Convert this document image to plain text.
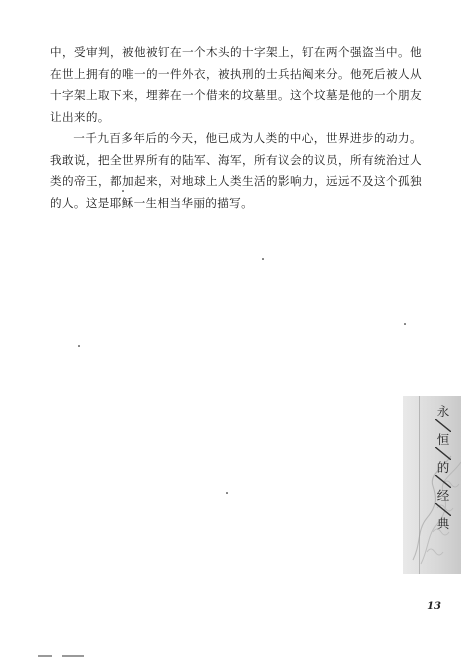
中，受审判，被他被钉在一个木头的十字架上，钉在两个强盗当中。他在世上拥有的唯一的一件外衣，被执刑的士兵拈阄来分。他死后被人从十字架上取下来，埋葬在一个借来的坟墓里。这个坟墓是他的一个朋友让出来的。

一千九百多年后的今天，他已成为人类的中心，世界进步的动力。我敢说，把全世界所有的陆军、海军，所有议会的议员，所有统治过人类的帝王，都加起来，对地球上人类生活的影响力，远远不及这个孤独的人。这是耶稣一生相当华丽的描写。

永
恒
的
经
典
13
